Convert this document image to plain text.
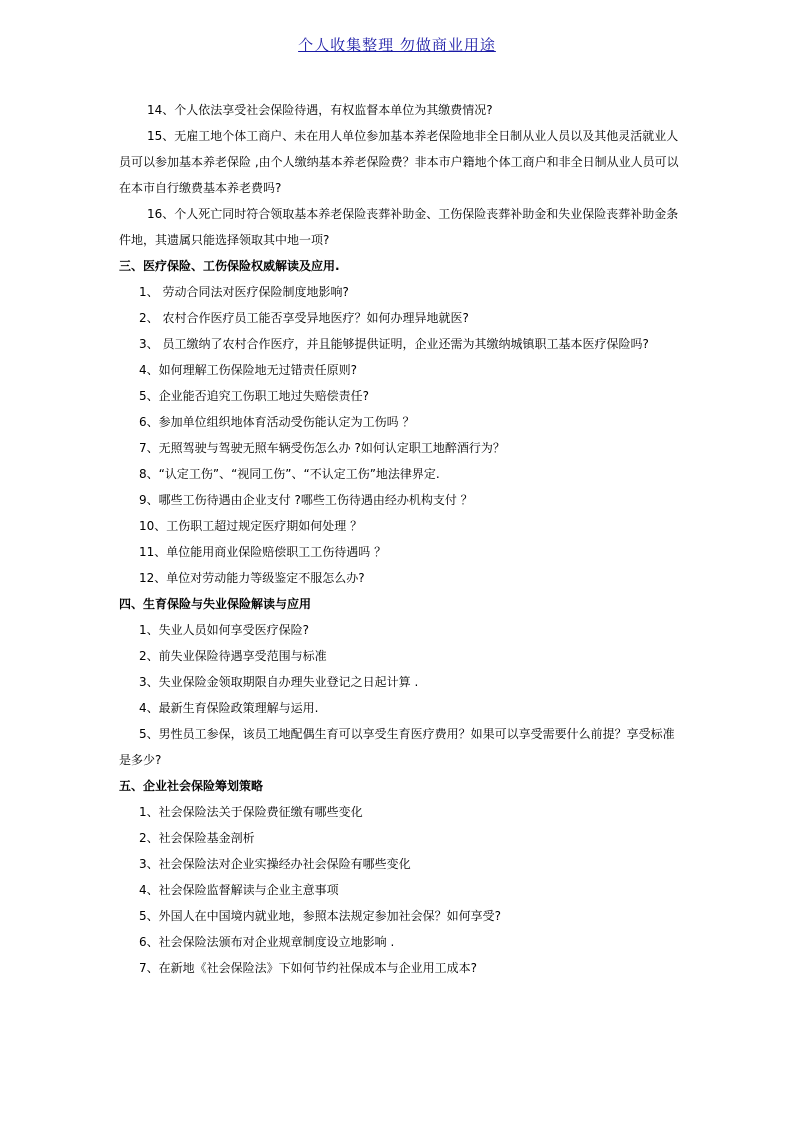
个人收集整理 勿做商业用途

14、个人依法享受社会保险待遇，有权监督本单位为其缴费情况?

15、无雇工地个体工商户、未在用人单位参加基本养老保险地非全日制从业人员以及其他灵活就业人员可以参加基本养老保险 ,由个人缴纳基本养老保险费？非本市户籍地个体工商户和非全日制从业人员可以在本市自行缴费基本养老费吗?

16、个人死亡同时符合领取基本养老保险丧葬补助金、工伤保险丧葬补助金和失业保险丧葬补助金条件地，其遗属只能选择领取其中地一项?

三、医疗保险、工伤保险权威解读及应用.

1、 劳动合同法对医疗保险制度地影响?

2、 农村合作医疗员工能否享受异地医疗？如何办理异地就医?

3、 员工缴纳了农村合作医疗，并且能够提供证明，企业还需为其缴纳城镇职工基本医疗保险吗?

4、如何理解工伤保险地无过错责任原则?

5、企业能否追究工伤职工地过失赔偿责任?

6、参加单位组织地体育活动受伤能认定为工伤吗 ？

7、无照驾驶与驾驶无照车辆受伤怎么办 ?如何认定职工地醉酒行为？

8、“认定工伤”、“视同工伤”、“不认定工伤”地法律界定.

9、哪些工伤待遇由企业支付 ?哪些工伤待遇由经办机构支付 ？

10、工伤职工超过规定医疗期如何处理 ？

11、单位能用商业保险赔偿职工工伤待遇吗 ？

12、单位对劳动能力等级鉴定不服怎么办?

四、生育保险与失业保险解读与应用

1、失业人员如何享受医疗保险?

2、前失业保险待遇享受范围与标准

3、失业保险金领取期限自办理失业登记之日起计算 .

4、最新生育保险政策理解与运用.

5、男性员工参保，该员工地配偶生育可以享受生育医疗费用？如果可以享受需要什么前提？享受标准是多少?

五、企业社会保险筹划策略

1、社会保险法关于保险费征缴有哪些变化

2、社会保险基金剖析

3、社会保险法对企业实操经办社会保险有哪些变化

4、社会保险监督解读与企业主意事项

5、外国人在中国境内就业地，参照本法规定参加社会保？如何享受?

6、社会保险法颁布对企业规章制度设立地影响 .

7、在新地《社会保险法》下如何节约社保成本与企业用工成本?
